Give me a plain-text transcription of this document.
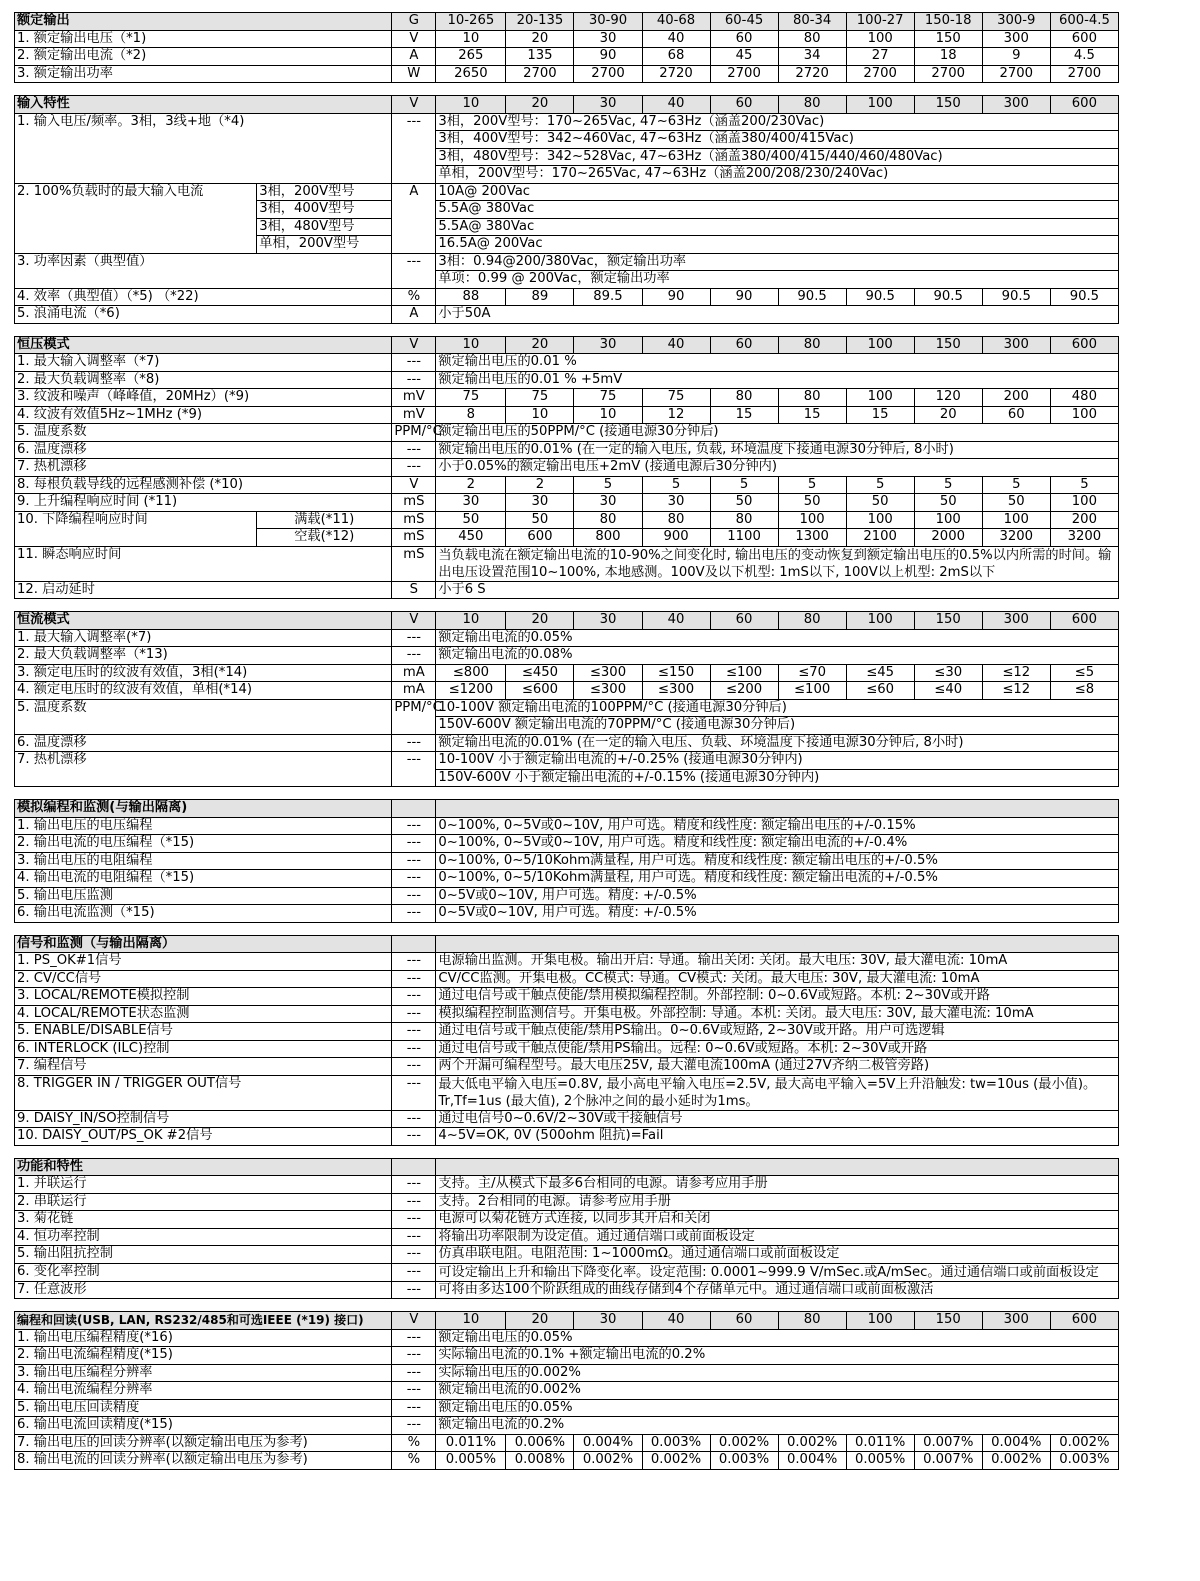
额定输出	G	10-265	20-135	30-90	40-68	60-45	80-34	100-27	150-18	300-9	600-4.5
1. 额定输出电压（*1)	V	10	20	30	40	60	80	100	150	300	600
2. 额定输出电流（*2)	A	265	135	90	68	45	34	27	18	9	4.5
3. 额定输出功率	W	2650	2700	2700	2720	2700	2720	2700	2700	2700	2700
输入特性		V	10	20	30	40	60	80	100	150	300	600
1. 输入电压/频率。3相，3线+地（*4)		---	3相，200V型号：170~265Vac, 47~63Hz（涵盖200/230Vac)									
			3相，400V型号：342~460Vac, 47~63Hz（涵盖380/400/415Vac)									
			3相，480V型号：342~528Vac, 47~63Hz（涵盖380/400/415/440/460/480Vac)									
			单相，200V型号：170~265Vac, 47~63Hz（涵盖200/208/230/240Vac)									
2. 100%负载时的最大输入电流	3相，200V型号	A	10A@ 200Vac									
	3相，400V型号		5.5A@ 380Vac									
	3相，480V型号		5.5A@ 380Vac									
	单相，200V型号		16.5A@ 200Vac									
3. 功率因素（典型值）		---	3相：0.94@200/380Vac，额定输出功率									
			单项：0.99 @ 200Vac，额定输出功率									
4. 效率（典型值）（*5) （*22)		%	88	89	89.5	90	90	90.5	90.5	90.5	90.5	90.5
5. 浪涌电流（*6)		A	小于50A									
恒压模式		V	10	20	30	40	60	80	100	150	300	600
1. 最大输入调整率（*7)		---	额定输出电压的0.01 %									
2. 最大负载调整率（*8)		---	额定输出电压的0.01 % +5mV									
3. 纹波和噪声（峰峰值，20MHz）(*9)		mV	75	75	75	75	80	80	100	120	200	480
4. 纹波有效值5Hz~1MHz (*9)		mV	8	10	10	12	15	15	15	20	60	100
5. 温度系数		PPM/°C	额定输出电压的50PPM/°C (接通电源30分钟后)									
6. 温度漂移		---	额定输出电压的0.01% (在一定的输入电压, 负载, 环境温度下接通电源30分钟后, 8小时)									
7. 热机漂移		---	小于0.05%的额定输出电压+2mV (接通电源后30分钟内)									
8. 每根负载导线的远程感测补偿 (*10)		V	2	2	5	5	5	5	5	5	5	5
9. 上升编程响应时间 (*11)		mS	30	30	30	30	50	50	50	50	50	100
10. 下降编程响应时间	满载(*11)	mS	50	50	80	80	80	100	100	100	100	200
	空载(*12)	mS	450	600	800	900	1100	1300	2100	2000	3200	3200
11. 瞬态响应时间		mS	当负载电流在额定输出电流的10-90%之间变化时, 输出电压的变动恢复到额定输出电压的0.5%以内所需的时间。输出电压设置范围10~100%, 本地感测。100V及以下机型: 1mS以下, 100V以上机型: 2mS以下									
12. 启动延时		S	小于6 S									
恒流模式	V	10	20	30	40	60	80	100	150	300	600
1. 最大输入调整率(*7)	---	额定输出电流的0.05%									
2. 最大负载调整率（*13)	---	额定输出电流的0.08%									
3. 额定电压时的纹波有效值，3相(*14)	mA	≤800	≤450	≤300	≤150	≤100	≤70	≤45	≤30	≤12	≤5
4. 额定电压时的纹波有效值，单相(*14)	mA	≤1200	≤600	≤300	≤300	≤200	≤100	≤60	≤40	≤12	≤8
5. 温度系数	PPM/°C	10-100V 额定输出电流的100PPM/°C (接通电源30分钟后)									
		150V-600V 额定输出电流的70PPM/°C (接通电源30分钟后)									
6. 温度漂移	---	额定输出电流的0.01% (在一定的输入电压、负载、环境温度下接通电源30分钟后, 8小时)									
7. 热机漂移	---	10-100V 小于额定输出电流的+/-0.25% (接通电源30分钟内)									
		150V-600V 小于额定输出电流的+/-0.15% (接通电源30分钟内)									
模拟编程和监测(与输出隔离)		
1. 输出电压的电压编程	---	0~100%, 0~5V或0~10V, 用户可选。精度和线性度: 额定输出电压的+/-0.15%
2. 输出电流的电压编程（*15)	---	0~100%, 0~5V或0~10V, 用户可选。精度和线性度: 额定输出电流的+/-0.4%
3. 输出电压的电阻编程	---	0~100%, 0~5/10Kohm满量程, 用户可选。精度和线性度: 额定输出电压的+/-0.5%
4. 输出电流的电阻编程（*15)	---	0~100%, 0~5/10Kohm满量程, 用户可选。精度和线性度: 额定输出电流的+/-0.5%
5. 输出电压监测	---	0~5V或0~10V, 用户可选。精度: +/-0.5%
6. 输出电流监测（*15)	---	0~5V或0~10V, 用户可选。精度: +/-0.5%
信号和监测（与输出隔离）		
1. PS_OK#1信号	---	电源输出监测。开集电极。输出开启: 导通。输出关闭: 关闭。最大电压: 30V, 最大灌电流: 10mA
2. CV/CC信号	---	CV/CC监测。开集电极。CC模式: 导通。CV模式: 关闭。最大电压: 30V, 最大灌电流: 10mA
3. LOCAL/REMOTE模拟控制	---	通过电信号或干触点使能/禁用模拟编程控制。外部控制: 0~0.6V或短路。本机: 2~30V或开路
4. LOCAL/REMOTE状态监测	---	模拟编程控制监测信号。开集电极。外部控制: 导通。本机: 关闭。最大电压: 30V, 最大灌电流: 10mA
5. ENABLE/DISABLE信号	---	通过电信号或干触点使能/禁用PS输出。0~0.6V或短路, 2~30V或开路。用户可选逻辑
6. INTERLOCK (ILC)控制	---	通过电信号或干触点使能/禁用PS输出。远程: 0~0.6V或短路。本机: 2~30V或开路
7. 编程信号	---	两个开漏可编程型号。最大电压25V, 最大灌电流100mA (通过27V齐纳二极管旁路)
8. TRIGGER IN / TRIGGER OUT信号	---	最大低电平输入电压=0.8V, 最小高电平输入电压=2.5V, 最大高电平输入=5V上升沿触发: tw=10us (最小值)。Tr,Tf=1us (最大值), 2个脉冲之间的最小延时为1ms。
9. DAISY_IN/SO控制信号	---	通过电信号0~0.6V/2~30V或干接触信号
10. DAISY_OUT/PS_OK #2信号	---	4~5V=OK, 0V (500ohm 阻抗)=Fail
功能和特性		
1. 并联运行	---	支持。主/从模式下最多6台相同的电源。请参考应用手册
2. 串联运行	---	支持。2台相同的电源。请参考应用手册
3. 菊花链	---	电源可以菊花链方式连接, 以同步其开启和关闭
4. 恒功率控制	---	将输出功率限制为设定值。通过通信端口或前面板设定
5. 输出阻抗控制	---	仿真串联电阻。电阻范围: 1~1000mΩ。通过通信端口或前面板设定
6. 变化率控制	---	可设定输出上升和输出下降变化率。设定范围: 0.0001~999.9 V/mSec.或A/mSec。通过通信端口或前面板设定
7. 任意波形	---	可将由多达100个阶跃组成的曲线存储到4个存储单元中。通过通信端口或前面板激活
编程和回读(USB, LAN, RS232/485和可选IEEE (*19) 接口)	V	10	20	30	40	60	80	100	150	300	600
1. 输出电压编程精度(*16)	---	额定输出电压的0.05%									
2. 输出电流编程精度(*15)	---	实际输出电流的0.1% +额定输出电流的0.2%									
3. 输出电压编程分辨率	---	实际输出电压的0.002%									
4. 输出电流编程分辨率	---	额定输出电流的0.002%									
5. 输出电压回读精度	---	额定输出电压的0.05%									
6. 输出电流回读精度(*15)	---	额定输出电流的0.2%									
7. 输出电压的回读分辨率(以额定输出电压为参考)	%	0.011%	0.006%	0.004%	0.003%	0.002%	0.002%	0.011%	0.007%	0.004%	0.002%
8. 输出电流的回读分辨率(以额定输出电压为参考)	%	0.005%	0.008%	0.002%	0.002%	0.003%	0.004%	0.005%	0.007%	0.002%	0.003%
